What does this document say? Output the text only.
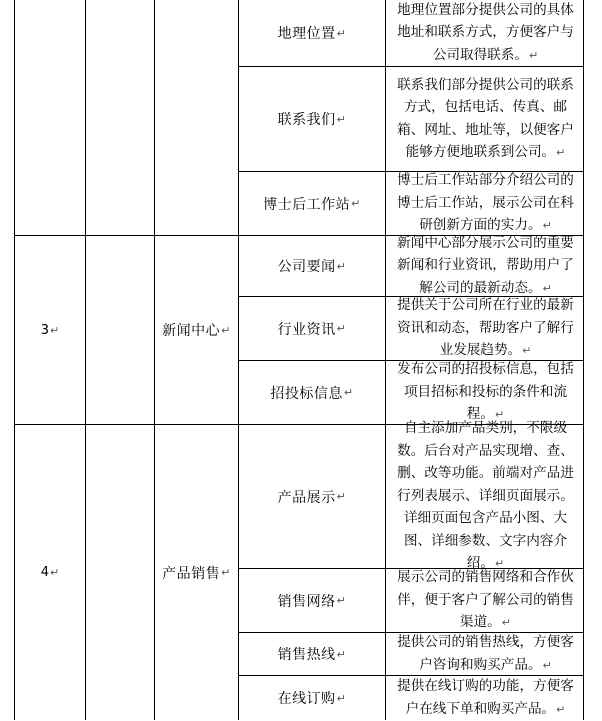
地理位置 ↵
地理位置部分提供公司的具体地址和联系方式，方便客户与公司取得联系。↵
联系我们 ↵
联系我们部分提供公司的联系方式，包括电话、传真、邮箱、网址、地址等，以便客户能够方便地联系到公司。↵
博士后工作站 ↵
博士后工作站部分介绍公司的博士后工作站，展示公司在科研创新方面的实力。↵
3 ↵	新闻中心 ↵
公司要闻 ↵
新闻中心部分展示公司的重要新闻和行业资讯，帮助用户了解公司的最新动态。↵
行业资讯 ↵
提供关于公司所在行业的最新资讯和动态，帮助客户了解行业发展趋势。↵
招投标信息 ↵
发布公司的招投标信息，包括项目招标和投标的条件和流程。↵
4 ↵	产品销售 ↵
产品展示 ↵
自主添加产品类别，不限级数。后台对产品实现增、查、删、改等功能。前端对产品进行列表展示、详细页面展示。详细页面包含产品小图、大图、详细参数、文字内容介绍。↵
销售网络 ↵
展示公司的销售网络和合作伙伴，便于客户了解公司的销售渠道。↵
销售热线 ↵
提供公司的销售热线，方便客户咨询和购买产品。↵
在线订购 ↵
提供在线订购的功能，方便客户在线下单和购买产品。↵
